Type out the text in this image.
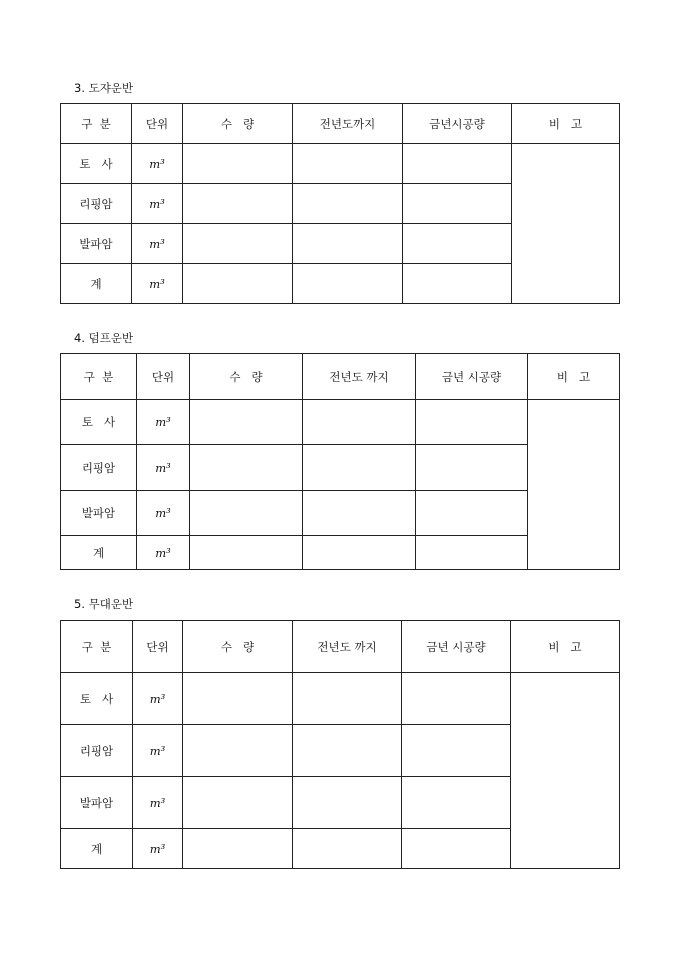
3. 도쟈운반
구  분	단위	수   량	전년도까지	금년시공량	비   고
토   사	m³				
리핑암	m³				
발파암	m³				
계	m³				
4. 덤프운반
구  분	단위	수   량	전년도 까지	금년 시공량	비   고
토   사	m³				
리핑암	m³				
발파암	m³				
계	m³				
5. 무대운반
구  분	단위	수   량	전년도 까지	금년 시공량	비   고
토   사	m³				
리핑암	m³				
발파암	m³				
계	m³				
